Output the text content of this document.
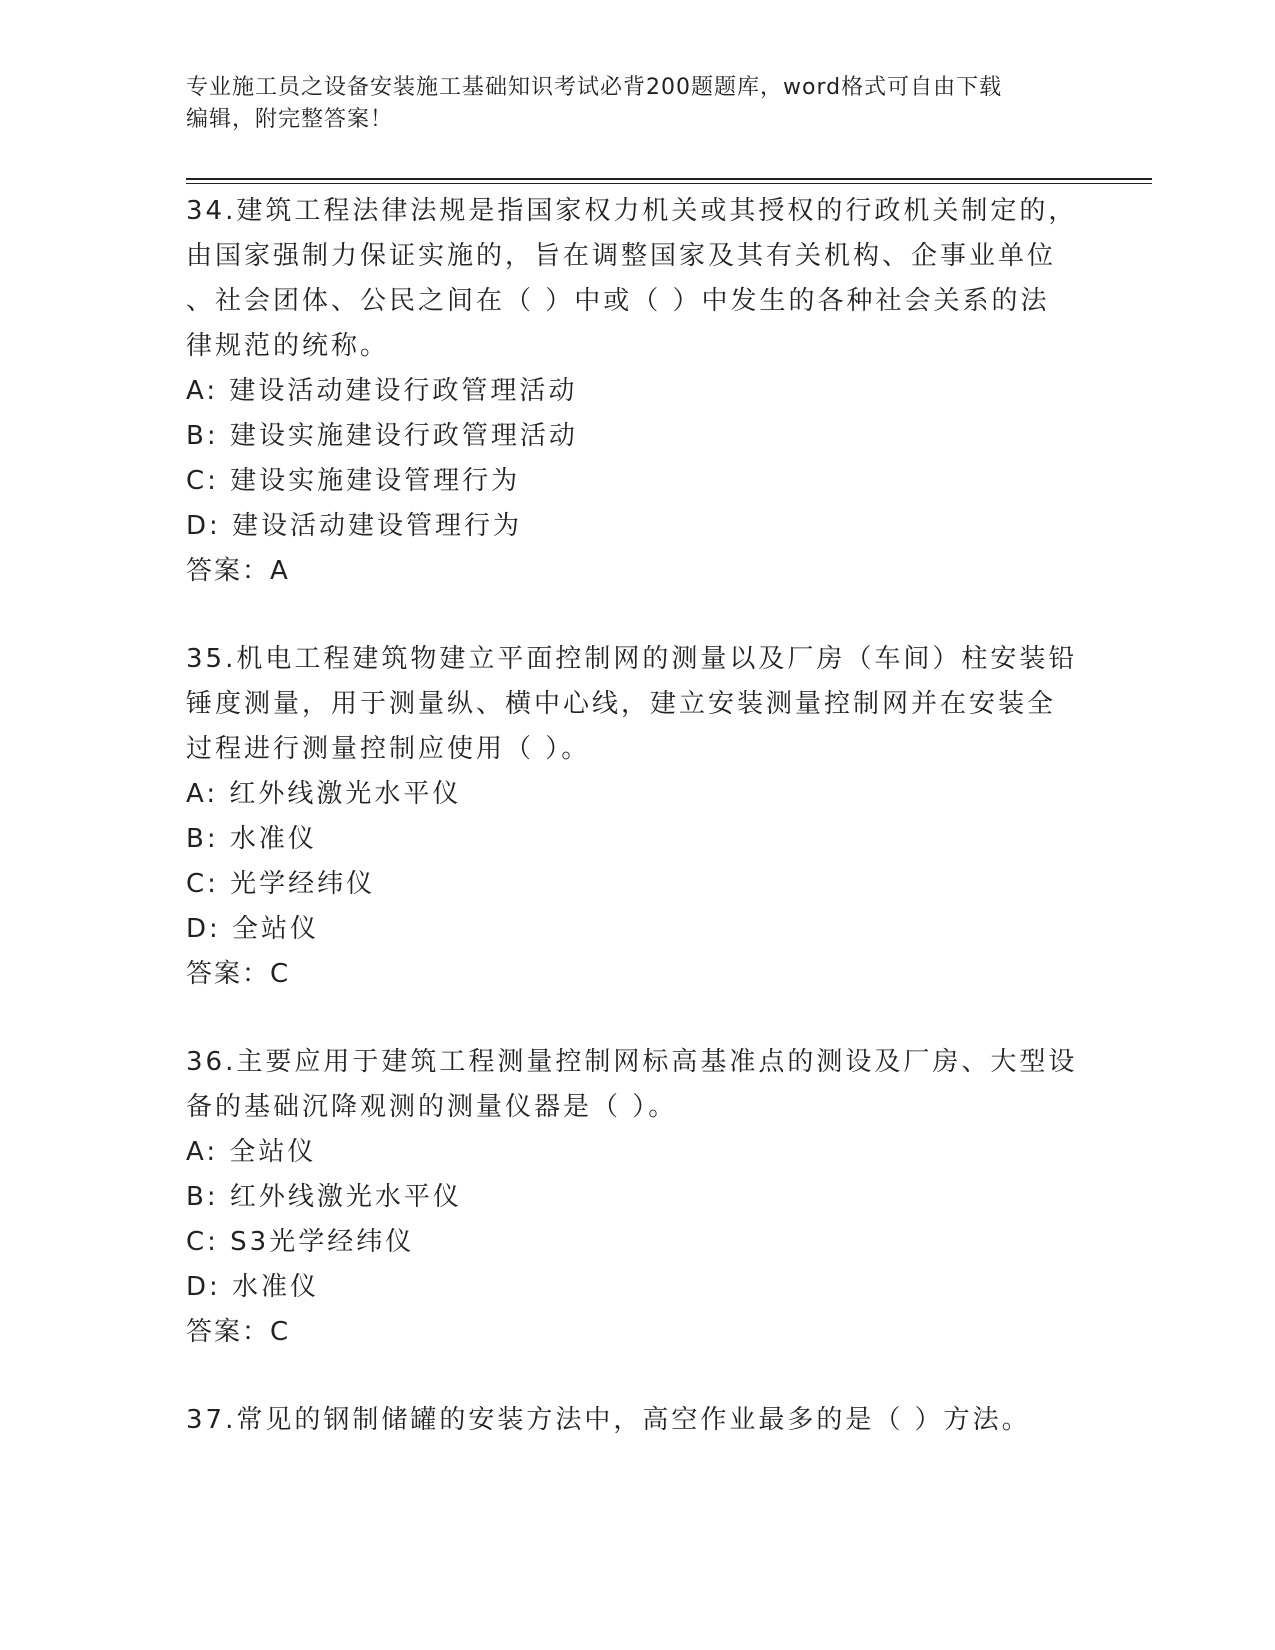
专业施工员之设备安装施工基础知识考试必背200题题库，word格式可自由下载
编辑，附完整答案！

34.建筑工程法律法规是指国家权力机关或其授权的行政机关制定的，

由国家强制力保证实施的，旨在调整国家及其有关机构、企事业单位

、社会团体、公民之间在（ ）中或（ ）中发生的各种社会关系的法

律规范的统称。

A: 建设活动建设行政管理活动

B: 建设实施建设行政管理活动

C: 建设实施建设管理行为

D: 建设活动建设管理行为

答案：A

35.机电工程建筑物建立平面控制网的测量以及厂房（车间）柱安装铅

锤度测量，用于测量纵、横中心线，建立安装测量控制网并在安装全

过程进行测量控制应使用（ ）。

A: 红外线激光水平仪

B: 水准仪

C: 光学经纬仪

D: 全站仪

答案：C

36.主要应用于建筑工程测量控制网标高基准点的测设及厂房、大型设

备的基础沉降观测的测量仪器是（ ）。

A: 全站仪

B: 红外线激光水平仪

C: S3光学经纬仪

D: 水准仪

答案：C

37.常见的钢制储罐的安装方法中，高空作业最多的是（ ）方法。
